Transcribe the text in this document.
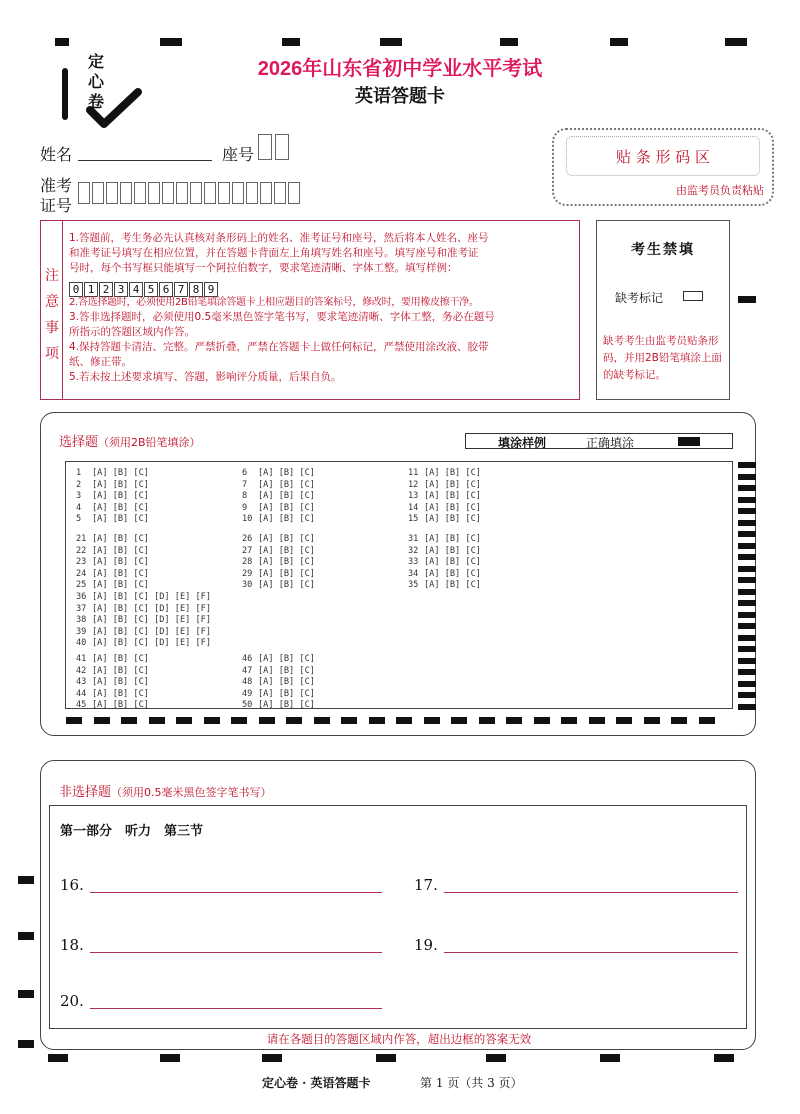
定心卷
2026年山东省初中学业水平考试
英语答题卡
姓名	座号
准考
证号
贴 条 形 码 区
由监考员负责粘贴
注
意
事
项
1.答题前，考生务必先认真核对条形码上的姓名、准考证号和座号，然后将本人姓名、座号
和准考证号填写在相应位置，并在答题卡背面左上角填写姓名和座号。填写座号和准考证
号时，每个书写框只能填写一个阿拉伯数字，要求笔迹清晰、字体工整。填写样例：
0 1 2 3 4 5 6 7 8 9
2.答选择题时，必须使用2B铅笔填涂答题卡上相应题目的答案标号，修改时，要用橡皮擦干净。
3.答非选择题时，必须使用0.5毫米黑色签字笔书写，要求笔迹清晰、字体工整，务必在题号
所指示的答题区域内作答。
4.保持答题卡清洁、完整。严禁折叠，严禁在答题卡上做任何标记，严禁使用涂改液、胶带
纸、修正带。
5.若未按上述要求填写、答题，影响评分质量，后果自负。
考生禁填
缺考标记
缺考考生由监考员贴条形码，并用2B铅笔填涂上面的缺考标记。
选择题（须用2B铅笔填涂）	填涂样例	正确填涂
1 [A] [B] [C]
2 [A] [B] [C]
3 [A] [B] [C]
4 [A] [B] [C]
5 [A] [B] [C]
6 [A] [B] [C]
7 [A] [B] [C]
8 [A] [B] [C]
9 [A] [B] [C]
10 [A] [B] [C]
11 [A] [B] [C]
12 [A] [B] [C]
13 [A] [B] [C]
14 [A] [B] [C]
15 [A] [B] [C]
21 [A] [B] [C]
22 [A] [B] [C]
23 [A] [B] [C]
24 [A] [B] [C]
25 [A] [B] [C]
26 [A] [B] [C]
27 [A] [B] [C]
28 [A] [B] [C]
29 [A] [B] [C]
30 [A] [B] [C]
31 [A] [B] [C]
32 [A] [B] [C]
33 [A] [B] [C]
34 [A] [B] [C]
35 [A] [B] [C]
36 [A] [B] [C] [D] [E] [F]
37 [A] [B] [C] [D] [E] [F]
38 [A] [B] [C] [D] [E] [F]
39 [A] [B] [C] [D] [E] [F]
40 [A] [B] [C] [D] [E] [F]
41 [A] [B] [C]
42 [A] [B] [C]
43 [A] [B] [C]
44 [A] [B] [C]
45 [A] [B] [C]
46 [A] [B] [C]
47 [A] [B] [C]
48 [A] [B] [C]
49 [A] [B] [C]
50 [A] [B] [C]
非选择题（须用0.5毫米黑色签字笔书写）
第一部分　听力　第三节
16.	17.
18.	19.
20.
请在各题目的答题区域内作答，超出边框的答案无效
定心卷 · 英语答题卡	第 1 页（共 3 页）
